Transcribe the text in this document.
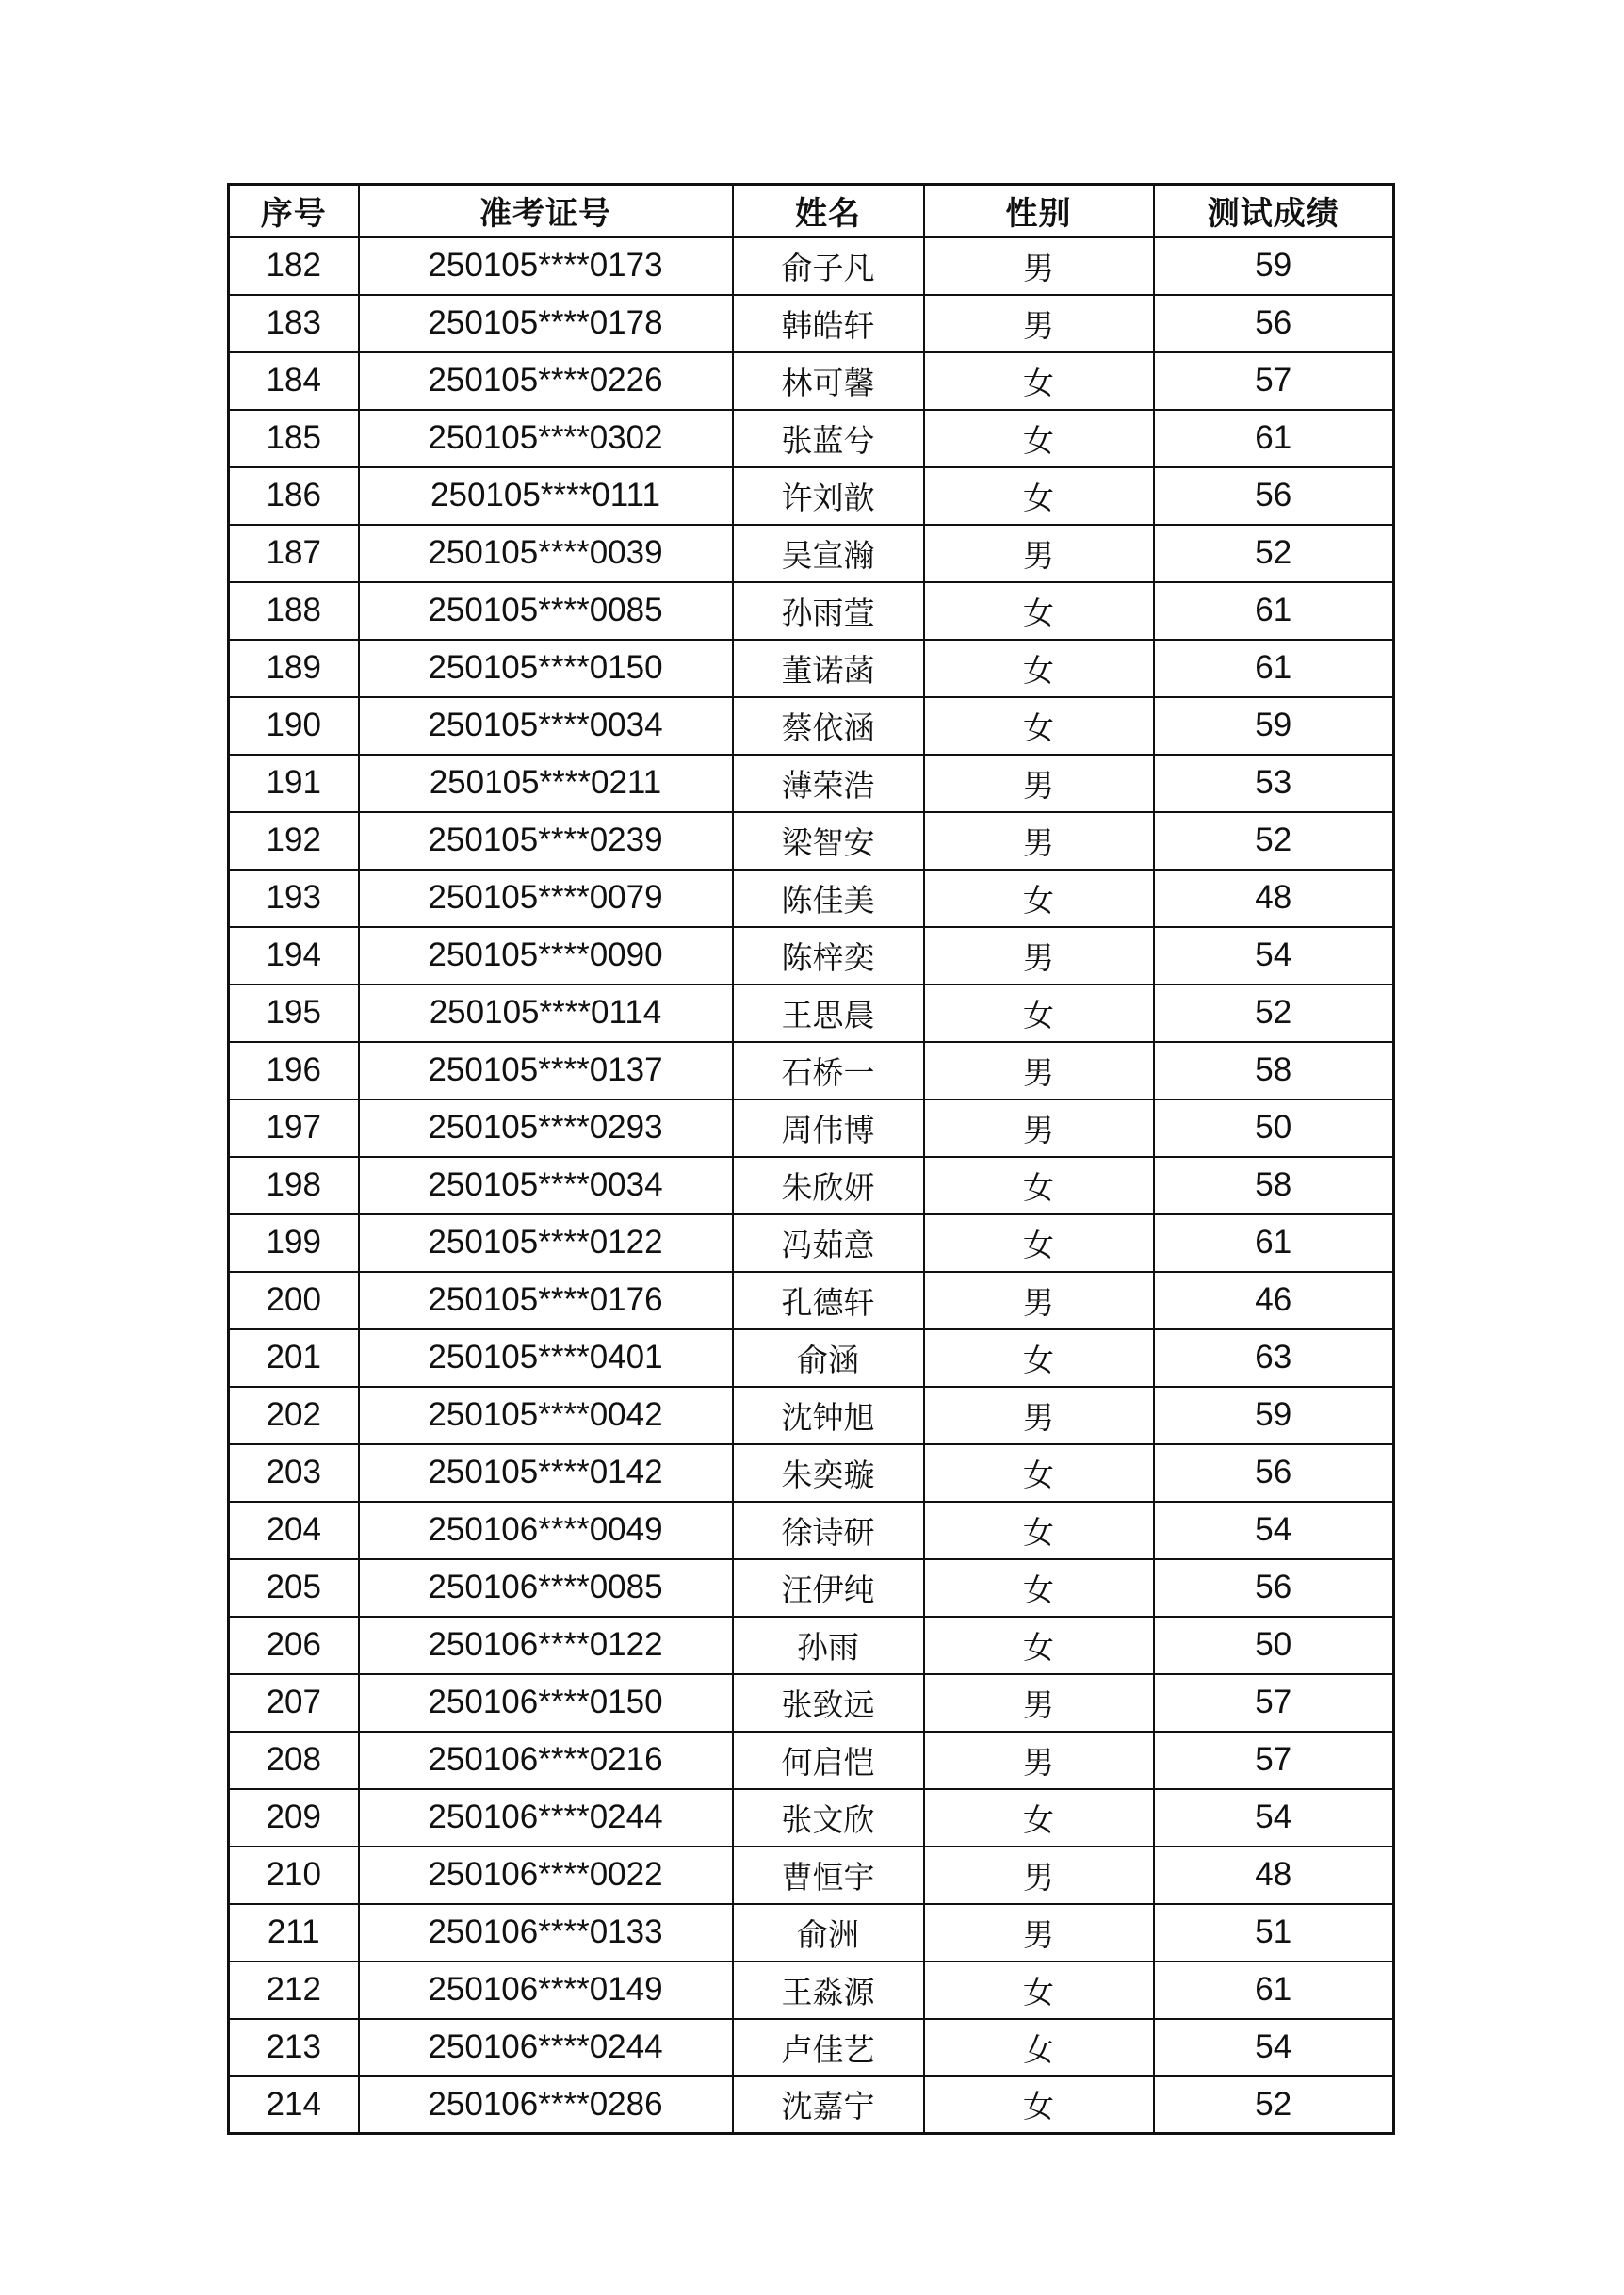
序号	准考证号	姓名	性别	测试成绩
182	250105****0173	俞子凡	男	59
183	250105****0178	韩皓轩	男	56
184	250105****0226	林可馨	女	57
185	250105****0302	张蓝兮	女	61
186	250105****0111	许刘歆	女	56
187	250105****0039	吴宣瀚	男	52
188	250105****0085	孙雨萱	女	61
189	250105****0150	董诺菡	女	61
190	250105****0034	蔡依涵	女	59
191	250105****0211	薄荣浩	男	53
192	250105****0239	梁智安	男	52
193	250105****0079	陈佳美	女	48
194	250105****0090	陈梓奕	男	54
195	250105****0114	王思晨	女	52
196	250105****0137	石桥一	男	58
197	250105****0293	周伟博	男	50
198	250105****0034	朱欣妍	女	58
199	250105****0122	冯茹意	女	61
200	250105****0176	孔德轩	男	46
201	250105****0401	俞涵	女	63
202	250105****0042	沈钟旭	男	59
203	250105****0142	朱奕璇	女	56
204	250106****0049	徐诗研	女	54
205	250106****0085	汪伊纯	女	56
206	250106****0122	孙雨	女	50
207	250106****0150	张致远	男	57
208	250106****0216	何启恺	男	57
209	250106****0244	张文欣	女	54
210	250106****0022	曹恒宇	男	48
211	250106****0133	俞洲	男	51
212	250106****0149	王淼源	女	61
213	250106****0244	卢佳艺	女	54
214	250106****0286	沈嘉宁	女	52
